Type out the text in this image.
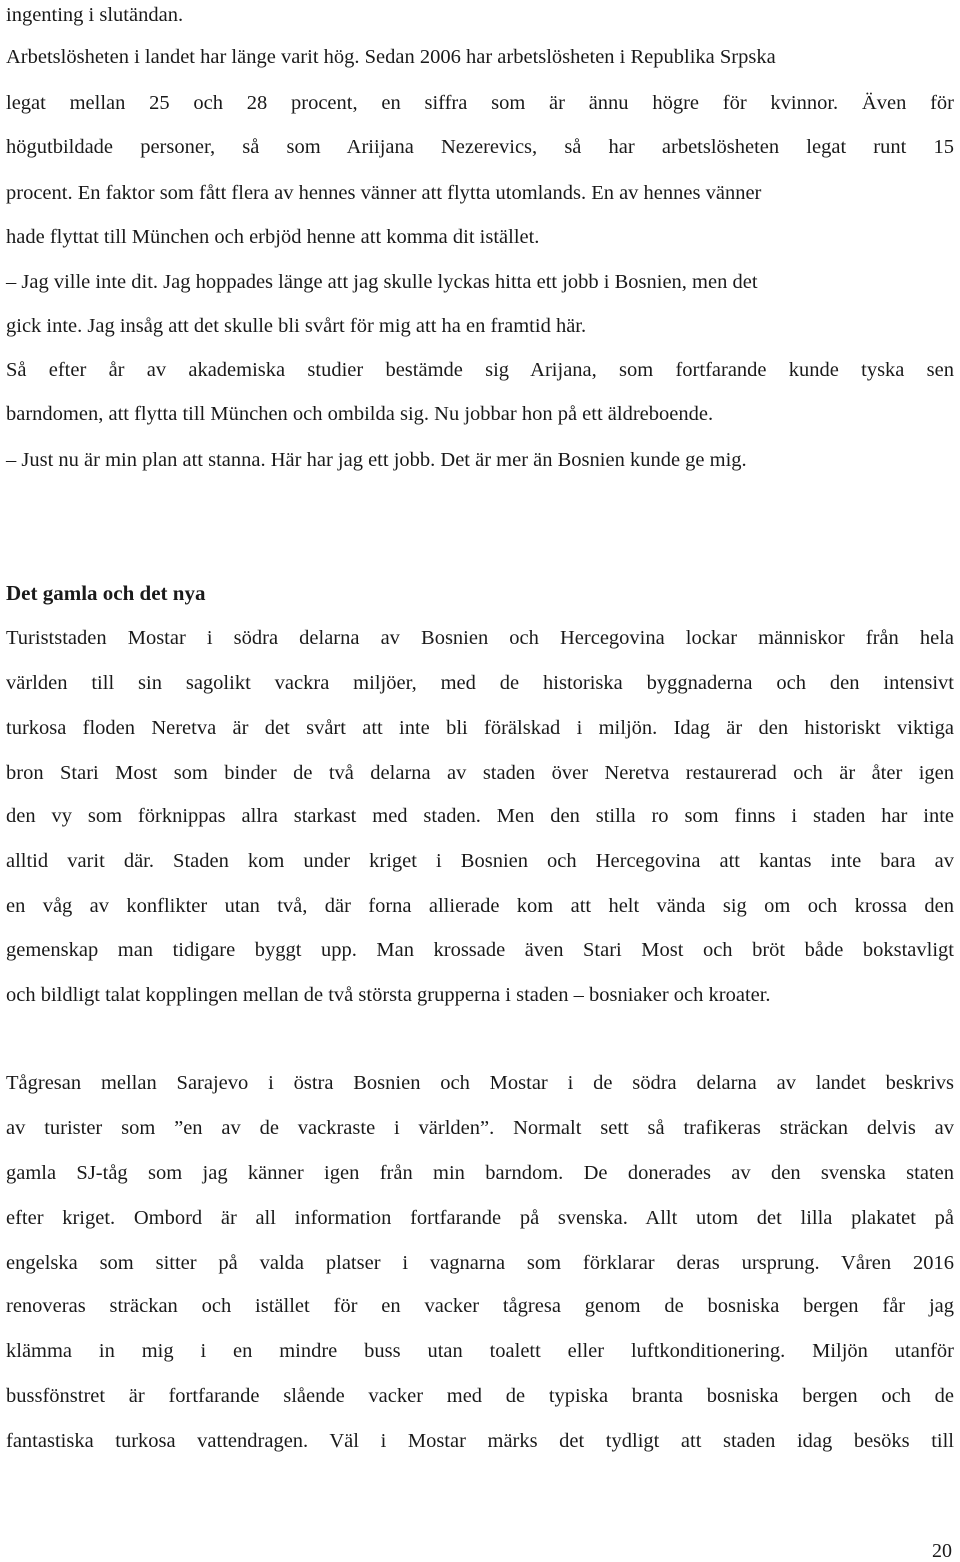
ingenting i slutändan.
Arbetslösheten i landet har länge varit hög. Sedan 2006 har arbetslösheten i Republika Srpska
legat mellan 25 och 28 procent, en siffra som är ännu högre för kvinnor. Även för
högutbildade personer, så som Ariijana Nezerevics, så har arbetslösheten legat runt 15
procent. En faktor som fått flera av hennes vänner att flytta utomlands. En av hennes vänner
hade flyttat till München och erbjöd henne att komma dit istället.
– Jag ville inte dit. Jag hoppades länge att jag skulle lyckas hitta ett jobb i Bosnien, men det
gick inte. Jag insåg att det skulle bli svårt för mig att ha en framtid här.
Så efter år av akademiska studier bestämde sig Arijana, som fortfarande kunde tyska sen
barndomen, att flytta till München och ombilda sig. Nu jobbar hon på ett äldreboende.
– Just nu är min plan att stanna. Här har jag ett jobb. Det är mer än Bosnien kunde ge mig.
Det gamla och det nya
Turiststaden Mostar i södra delarna av Bosnien och Hercegovina lockar människor från hela
världen till sin sagolikt vackra miljöer, med de historiska byggnaderna och den intensivt
turkosa floden Neretva är det svårt att inte bli förälskad i miljön. Idag är den historiskt viktiga
bron Stari Most som binder de två delarna av staden över Neretva restaurerad och är åter igen
den vy som förknippas allra starkast med staden. Men den stilla ro som finns i staden har inte
alltid varit där. Staden kom under kriget i Bosnien och Hercegovina att kantas inte bara av
en våg av konflikter utan två, där forna allierade kom att helt vända sig om och krossa den
gemenskap man tidigare byggt upp. Man krossade även Stari Most och bröt både bokstavligt
och bildligt talat kopplingen mellan de två största grupperna i staden – bosniaker och kroater.
Tågresan mellan Sarajevo i östra Bosnien och Mostar i de södra delarna av landet beskrivs
av turister som ”en av de vackraste i världen”. Normalt sett så trafikeras sträckan delvis av
gamla SJ-tåg som jag känner igen från min barndom. De donerades av den svenska staten
efter kriget. Ombord är all information fortfarande på svenska. Allt utom det lilla plakatet på
engelska som sitter på valda platser i vagnarna som förklarar deras ursprung. Våren 2016
renoveras sträckan och istället för en vacker tågresa genom de bosniska bergen får jag
klämma in mig i en mindre buss utan toalett eller luftkonditionering. Miljön utanför
bussfönstret är fortfarande slående vacker med de typiska branta bosniska bergen och de
fantastiska turkosa vattendragen. Väl i Mostar märks det tydligt att staden idag besöks till
20
